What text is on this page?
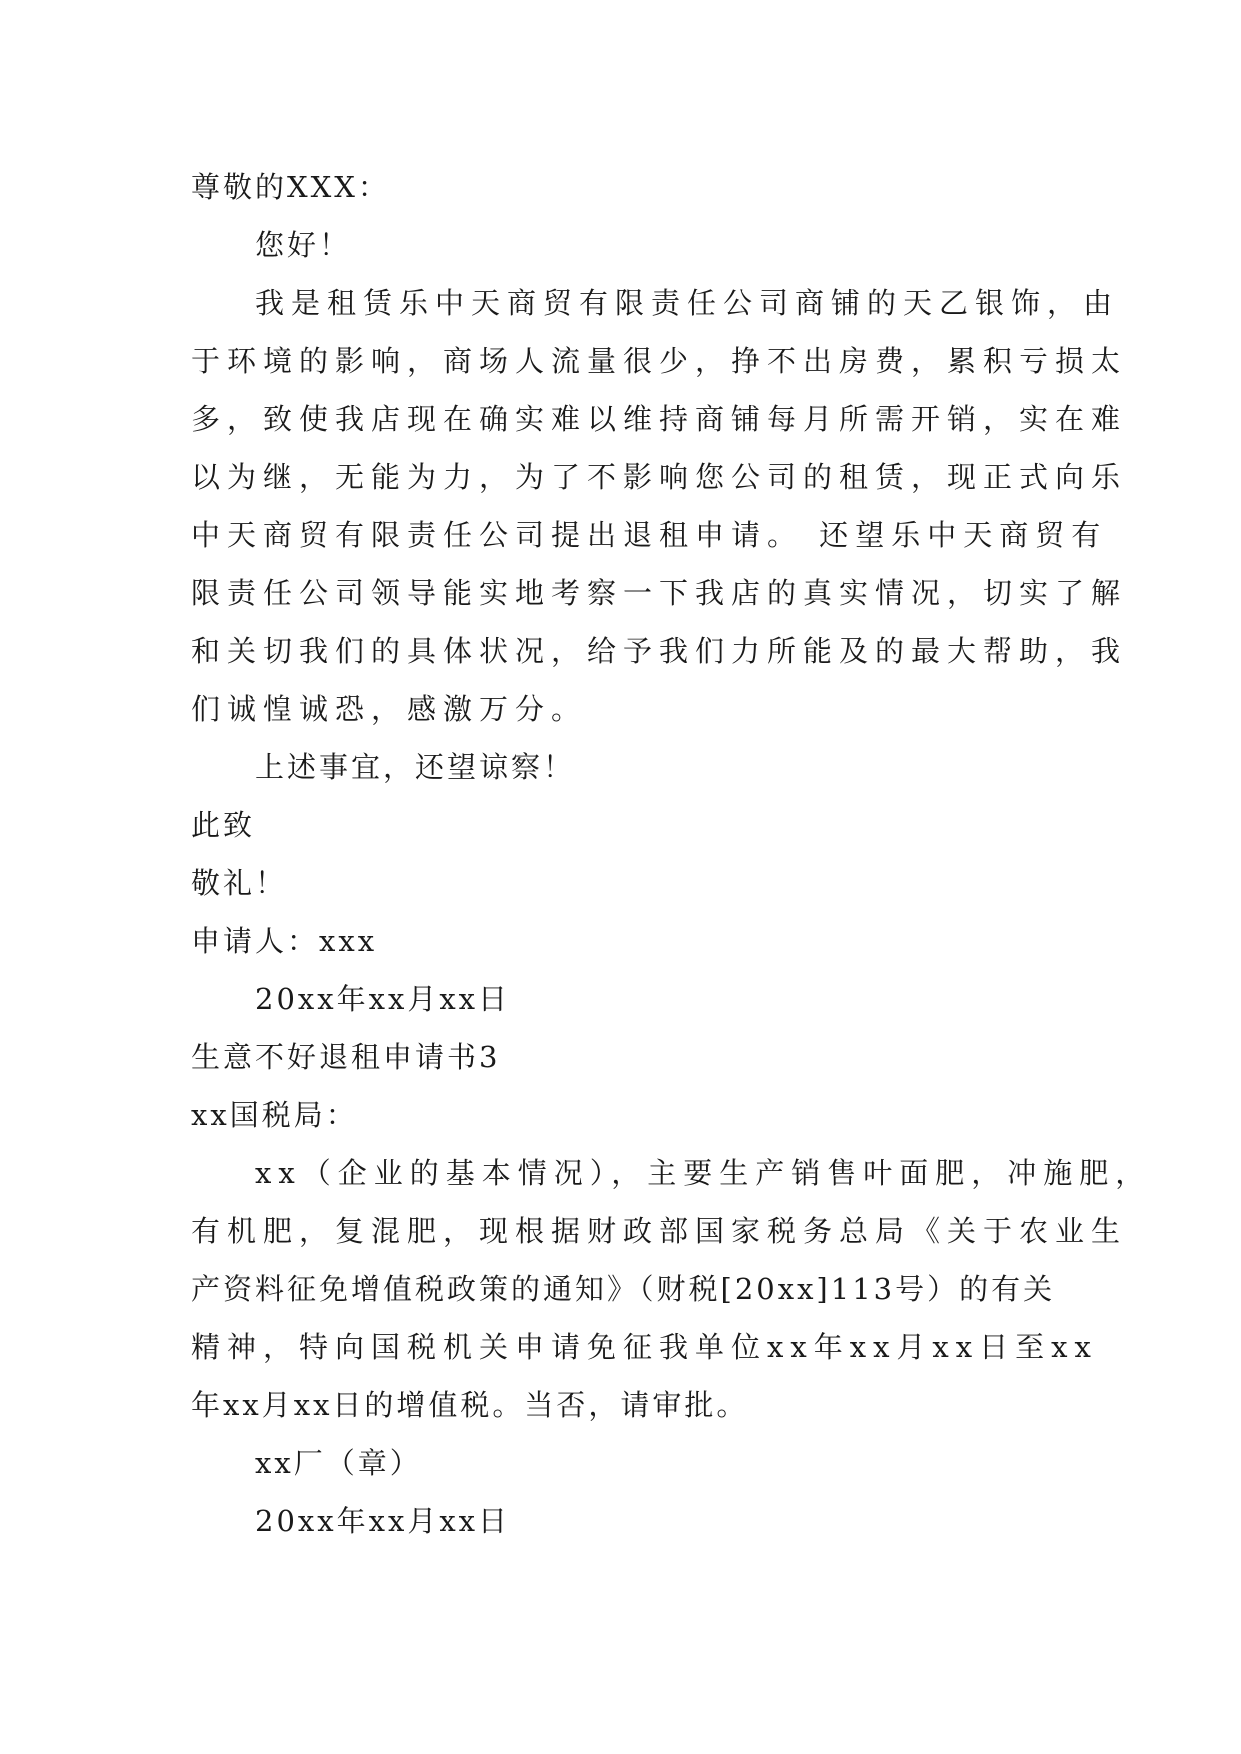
尊敬的XXX：
您好！
我是租赁乐中天商贸有限责任公司商铺的天乙银饰，由
于环境的影响，商场人流量很少，挣不出房费，累积亏损太
多，致使我店现在确实难以维持商铺每月所需开销，实在难
以为继，无能为力，为了不影响您公司的租赁，现正式向乐
中天商贸有限责任公司提出退租申请。 还望乐中天商贸有
限责任公司领导能实地考察一下我店的真实情况，切实了解
和关切我们的具体状况，给予我们力所能及的最大帮助，我
们诚惶诚恐，感激万分。
上述事宜，还望谅察！
此致
敬礼！
申请人：xxx
20xx年xx月xx日
生意不好退租申请书3
xx国税局：
xx（企业的基本情况），主要生产销售叶面肥，冲施肥，
有机肥，复混肥，现根据财政部国家税务总局《关于农业生
产资料征免增值税政策的通知》（财税[20xx]113号）的有关
精神，特向国税机关申请免征我单位xx年xx月xx日至xx
年xx月xx日的增值税。当否，请审批。
xx厂（章）
20xx年xx月xx日
